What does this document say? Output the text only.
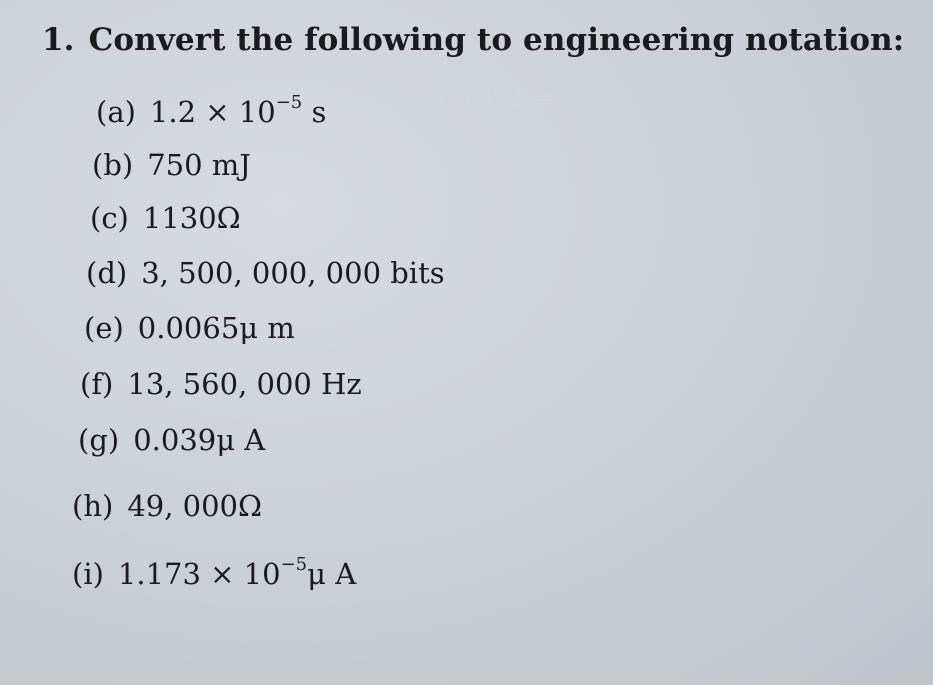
1. Convert the following to engineering notation:
(a) $1.2 \times 10^{-5}$ s = .00001 2 =
(b) 750 mJ
(c) 1130Ω
(d) 3, 500, 000, 000 bits
(e) 0.0065μ m
(f) 13, 560, 000 Hz
(g) 0.039μ A
(h) 49, 000Ω
(i) $1.173 \times 10^{-5}\mu$ A
